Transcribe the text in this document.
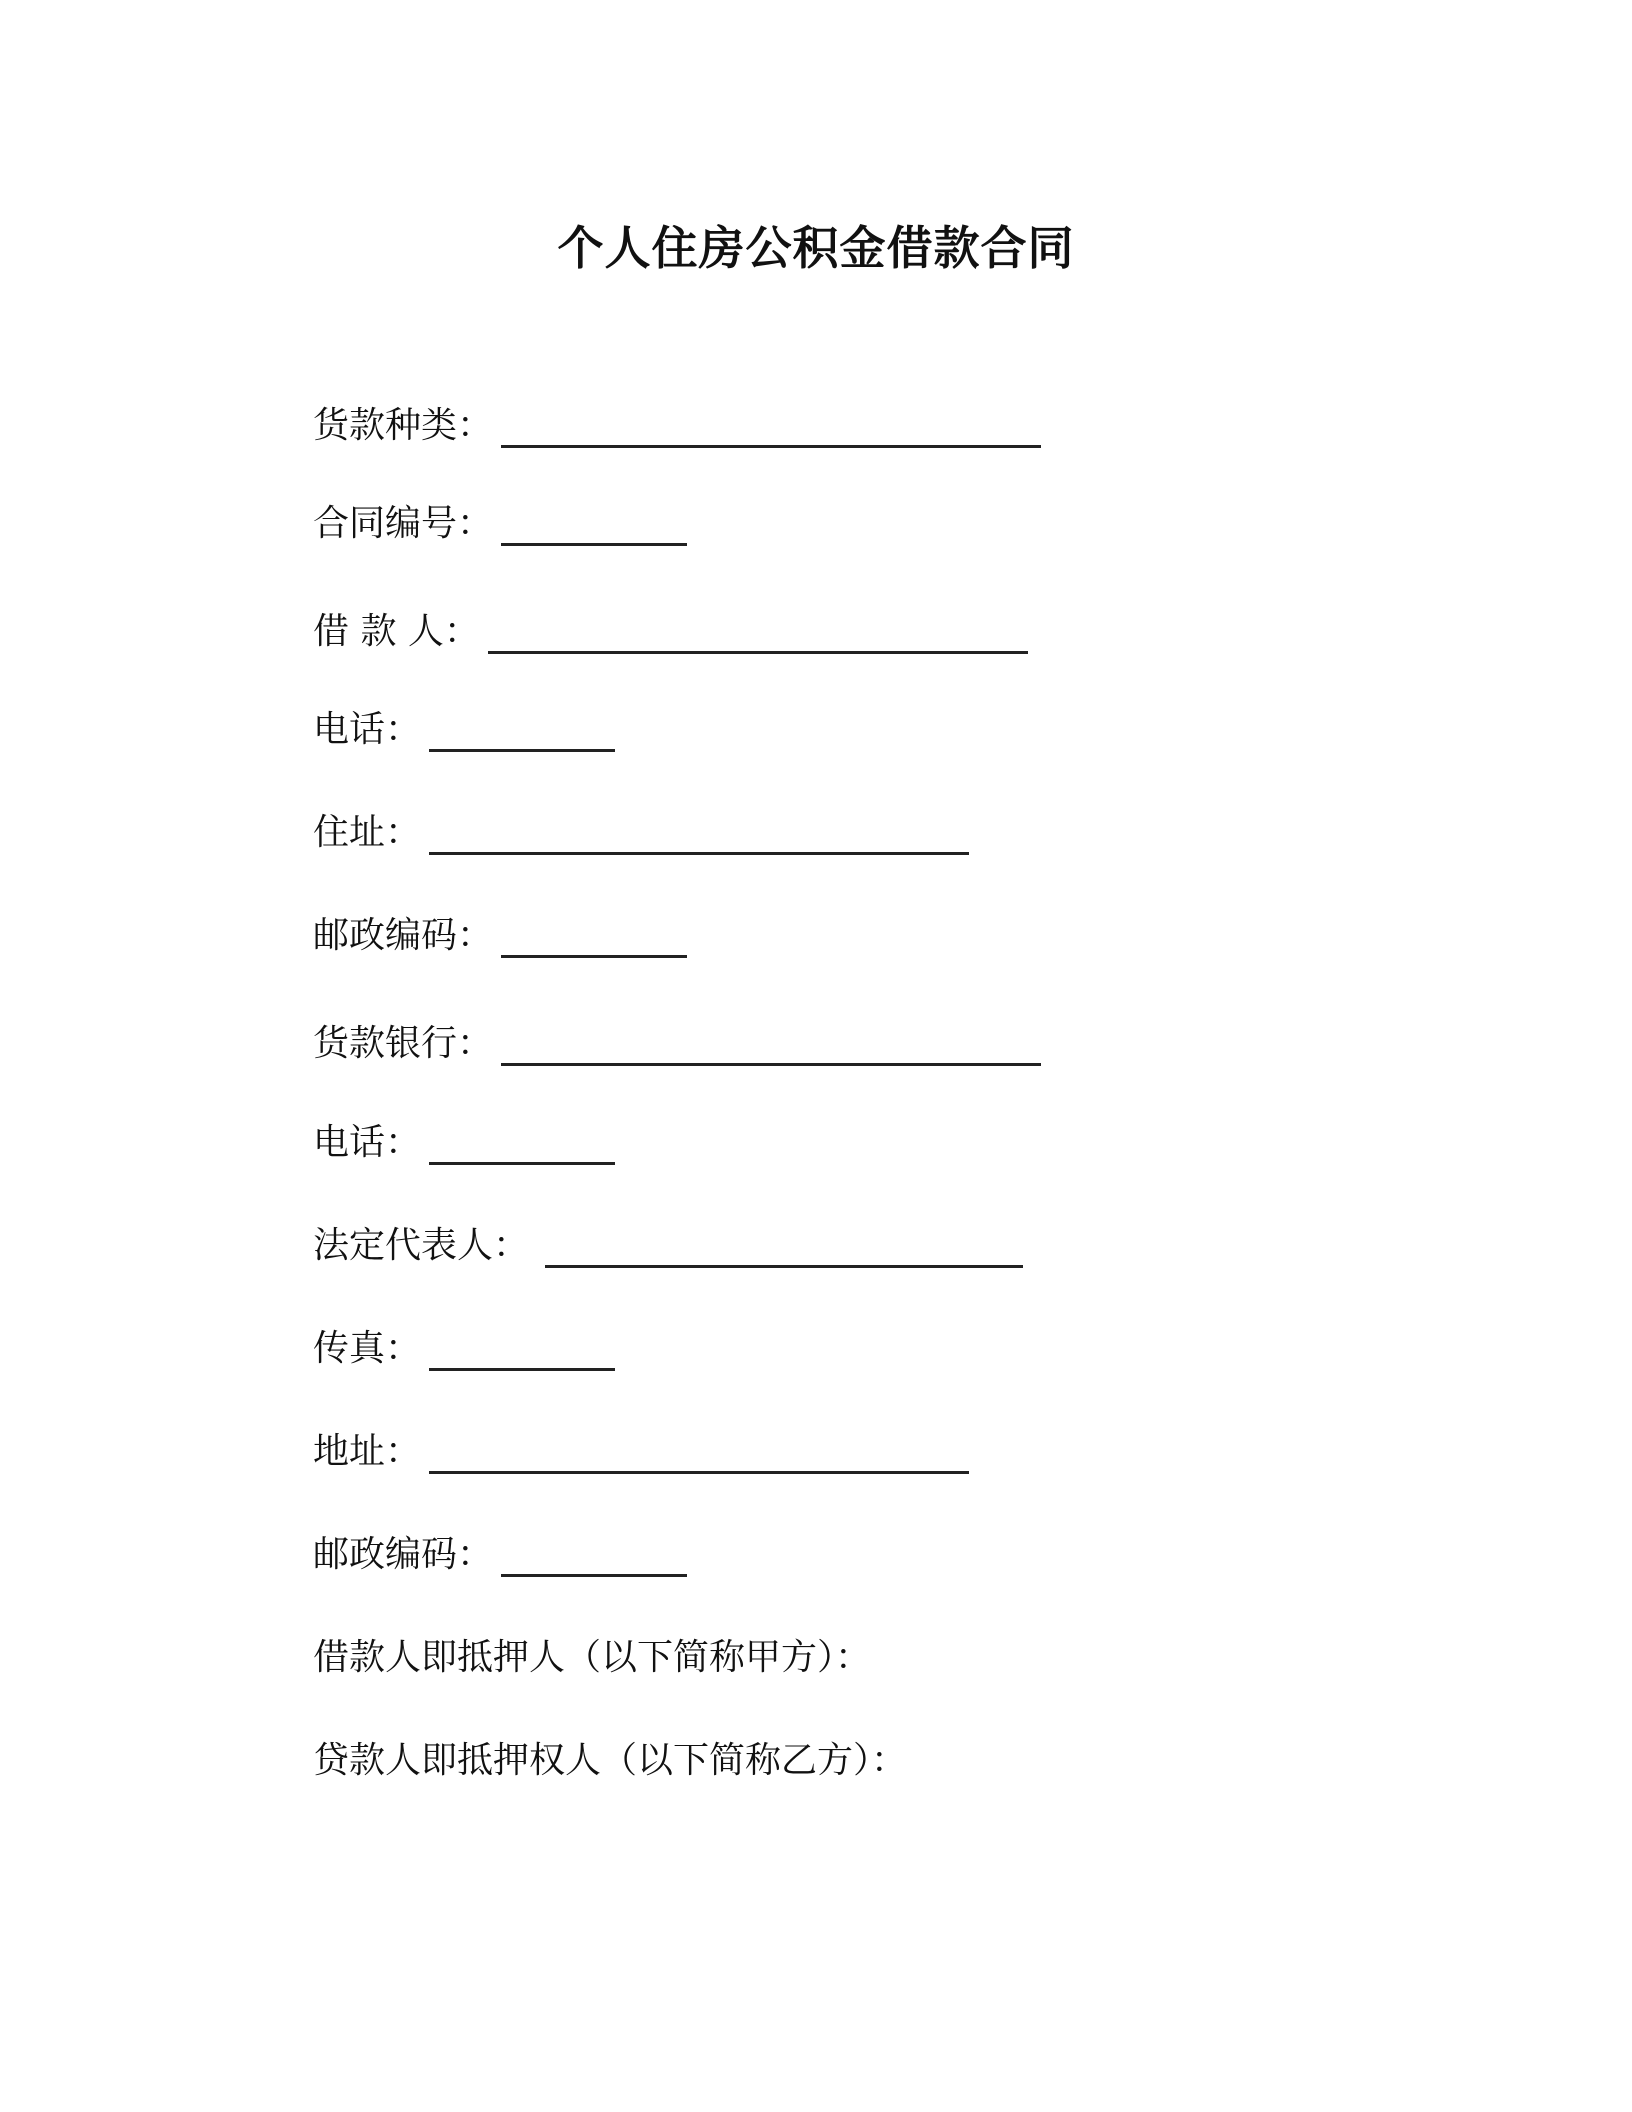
个人住房公积金借款合同
货款种类：
合同编号：
借 款 人：
电话：
住址：
邮政编码：
货款银行：
电话：
法定代表人：
传真：
地址：
邮政编码：
借款人即抵押人（以下简称甲方）：
贷款人即抵押权人（以下简称乙方）：
